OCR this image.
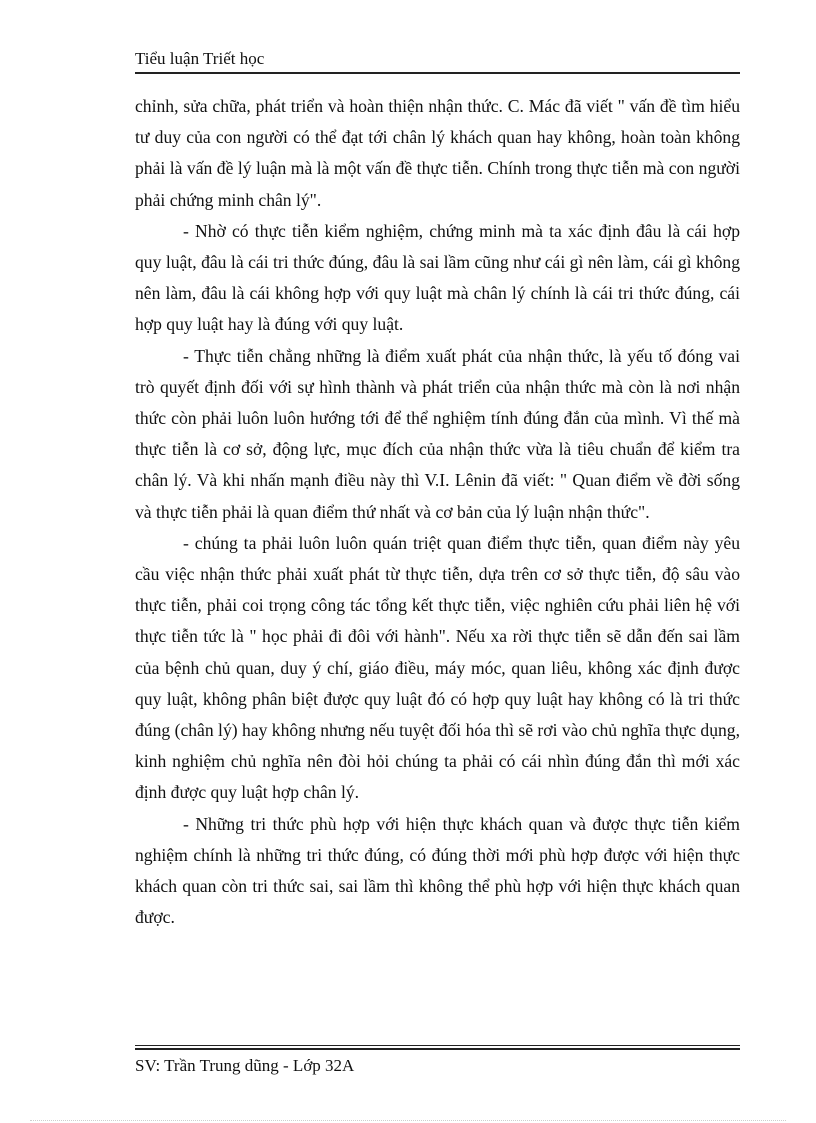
Tiểu luận Triết học

chỉnh, sửa chữa, phát triển và hoàn thiện nhận thức. C. Mác đã viết " vấn đề tìm hiểu tư duy của con người có thể đạt tới chân lý khách quan hay không, hoàn toàn không phải là vấn đề lý luận mà là một vấn đề thực tiễn. Chính trong thực tiễn mà con người phải chứng minh chân lý".

- Nhờ có thực tiễn kiểm nghiệm, chứng minh mà ta xác định đâu là cái hợp quy luật, đâu là cái tri thức đúng, đâu là sai lầm cũng như cái gì nên làm, cái gì không nên làm, đâu là cái không hợp với quy luật mà chân lý chính là cái tri thức đúng, cái hợp quy luật hay là đúng với quy luật.

- Thực tiễn chẳng những là điểm xuất phát của nhận thức, là yếu tố đóng vai trò quyết định đối với sự hình thành và phát triển của nhận thức mà còn là nơi nhận thức còn phải luôn luôn hướng tới để thể nghiệm tính đúng đắn của mình. Vì thế mà thực tiễn là cơ sở, động lực, mục đích của nhận thức vừa là tiêu chuẩn để kiểm tra chân lý. Và khi nhấn mạnh điều này thì V.I. Lênin đã viết: " Quan điểm về đời sống và thực tiễn phải là quan điểm thứ nhất và cơ bản của lý luận nhận thức".

- chúng ta phải luôn luôn quán triệt quan điểm thực tiễn, quan điểm này yêu cầu việc nhận thức phải xuất phát từ thực tiễn, dựa trên cơ sở thực tiễn, độ sâu vào thực tiễn, phải coi trọng công tác tổng kết thực tiễn, việc nghiên cứu phải liên hệ với thực tiễn tức là " học phải đi đôi với hành". Nếu xa rời thực tiễn sẽ dẫn đến sai lầm của bệnh chủ quan, duy ý chí, giáo điều, máy móc, quan liêu, không xác định được quy luật, không phân biệt được quy luật đó có hợp quy luật hay không có là tri thức đúng (chân lý) hay không nhưng nếu tuyệt đối hóa thì sẽ rơi vào chủ nghĩa thực dụng, kinh nghiệm chủ nghĩa nên đòi hỏi chúng ta phải có cái nhìn đúng đắn thì mới xác định được quy luật hợp chân lý.

- Những tri thức phù hợp với hiện thực khách quan và được thực tiễn kiểm nghiệm chính là những tri thức đúng, có đúng thời mới phù hợp được với hiện thực khách quan còn tri thức sai, sai lầm thì không thể phù hợp với hiện thực khách quan được.

SV: Trần Trung dũng - Lớp 32A
